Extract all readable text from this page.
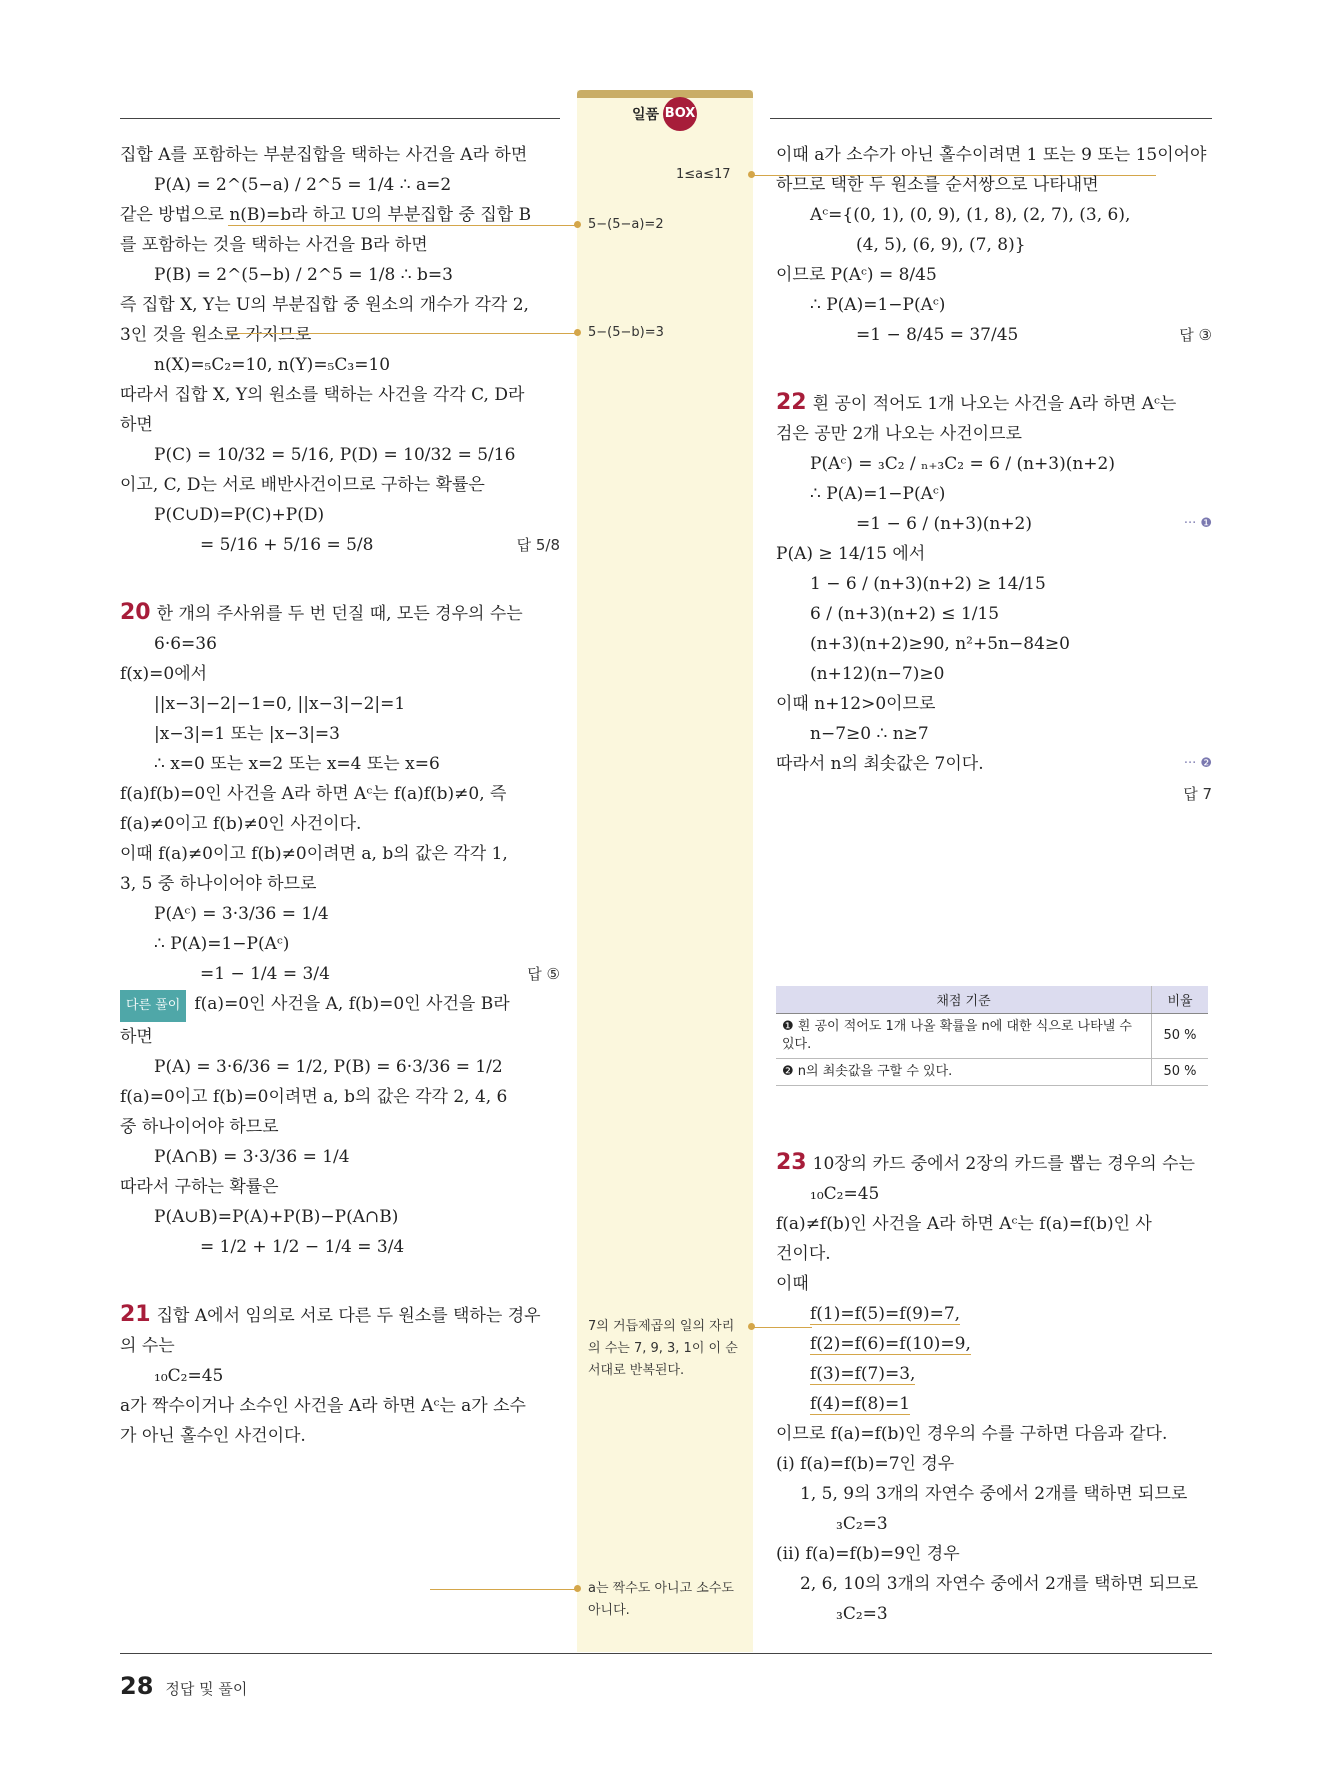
일품 BOX
집합 A를 포함하는 부분집합을 택하는 사건을 A라 하면
P(A) = 2^(5−a) / 2^5 = 1/4 ∴ a=2
같은 방법으로 n(B)=b라 하고 U의 부분집합 중 집합 B
를 포함하는 것을 택하는 사건을 B라 하면
P(B) = 2^(5−b) / 2^5 = 1/8 ∴ b=3
즉 집합 X, Y는 U의 부분집합 중 원소의 개수가 각각 2,
3인 것을 원소로 가지므로
n(X)=₅C₂=10, n(Y)=₅C₃=10
따라서 집합 X, Y의 원소를 택하는 사건을 각각 C, D라
하면
P(C) = 10/32 = 5/16, P(D) = 10/32 = 5/16
이고, C, D는 서로 배반사건이므로 구하는 확률은
P(C∪D)=P(C)+P(D)
= 5/16 + 5/16 = 5/8	답 5/8
20 한 개의 주사위를 두 번 던질 때, 모든 경우의 수는
6·6=36
f(x)=0에서
||x−3|−2|−1=0, ||x−3|−2|=1
|x−3|=1 또는 |x−3|=3
∴ x=0 또는 x=2 또는 x=4 또는 x=6
f(a)f(b)=0인 사건을 A라 하면 Aᶜ는 f(a)f(b)≠0, 즉
f(a)≠0이고 f(b)≠0인 사건이다.
이때 f(a)≠0이고 f(b)≠0이려면 a, b의 값은 각각 1,
3, 5 중 하나이어야 하므로
P(Aᶜ) = 3·3/36 = 1/4
∴ P(A)=1−P(Aᶜ)
=1 − 1/4 = 3/4	답 ⑤
다른 풀이 f(a)=0인 사건을 A, f(b)=0인 사건을 B라
하면
P(A) = 3·6/36 = 1/2, P(B) = 6·3/36 = 1/2
f(a)=0이고 f(b)=0이려면 a, b의 값은 각각 2, 4, 6
중 하나이어야 하므로
P(A∩B) = 3·3/36 = 1/4
따라서 구하는 확률은
P(A∪B)=P(A)+P(B)−P(A∩B)
= 1/2 + 1/2 − 1/4 = 3/4
21 집합 A에서 임의로 서로 다른 두 원소를 택하는 경우
의 수는
₁₀C₂=45
a가 짝수이거나 소수인 사건을 A라 하면 Aᶜ는 a가 소수
가 아닌 홀수인 사건이다.
5−(5−a)=2
5−(5−b)=3
1≤a≤17
7의 거듭제곱의 일의 자리의 수는 7, 9, 3, 1이 이 순서대로 반복된다.
a는 짝수도 아니고 소수도 아니다.
이때 a가 소수가 아닌 홀수이려면 1 또는 9 또는 15이어야
하므로 택한 두 원소를 순서쌍으로 나타내면
Aᶜ={(0, 1), (0, 9), (1, 8), (2, 7), (3, 6),
(4, 5), (6, 9), (7, 8)}
이므로 P(Aᶜ) = 8/45
∴ P(A)=1−P(Aᶜ)
=1 − 8/45 = 37/45	답 ③
22 흰 공이 적어도 1개 나오는 사건을 A라 하면 Aᶜ는
검은 공만 2개 나오는 사건이므로
P(Aᶜ) = ₃C₂ / ₙ₊₃C₂ = 6 / (n+3)(n+2)
∴ P(A)=1−P(Aᶜ)
=1 − 6 / (n+3)(n+2)	··· ❶
P(A) ≥ 14/15 에서
1 − 6 / (n+3)(n+2) ≥ 14/15
6 / (n+3)(n+2) ≤ 1/15
(n+3)(n+2)≥90, n²+5n−84≥0
(n+12)(n−7)≥0
이때 n+12>0이므로
n−7≥0 ∴ n≥7
따라서 n의 최솟값은 7이다.	··· ❷
답 7
채점 기준	비율
❶ 흰 공이 적어도 1개 나올 확률을 n에 대한 식으로 나타낼 수 있다.	50 %
❷ n의 최솟값을 구할 수 있다.	50 %
23 10장의 카드 중에서 2장의 카드를 뽑는 경우의 수는
₁₀C₂=45
f(a)≠f(b)인 사건을 A라 하면 Aᶜ는 f(a)=f(b)인 사
건이다.
이때
f(1)=f(5)=f(9)=7,
f(2)=f(6)=f(10)=9,
f(3)=f(7)=3,
f(4)=f(8)=1
이므로 f(a)=f(b)인 경우의 수를 구하면 다음과 같다.
(i) f(a)=f(b)=7인 경우
1, 5, 9의 3개의 자연수 중에서 2개를 택하면 되므로
₃C₂=3
(ii) f(a)=f(b)=9인 경우
2, 6, 10의 3개의 자연수 중에서 2개를 택하면 되므로
₃C₂=3
28 정답 및 풀이
